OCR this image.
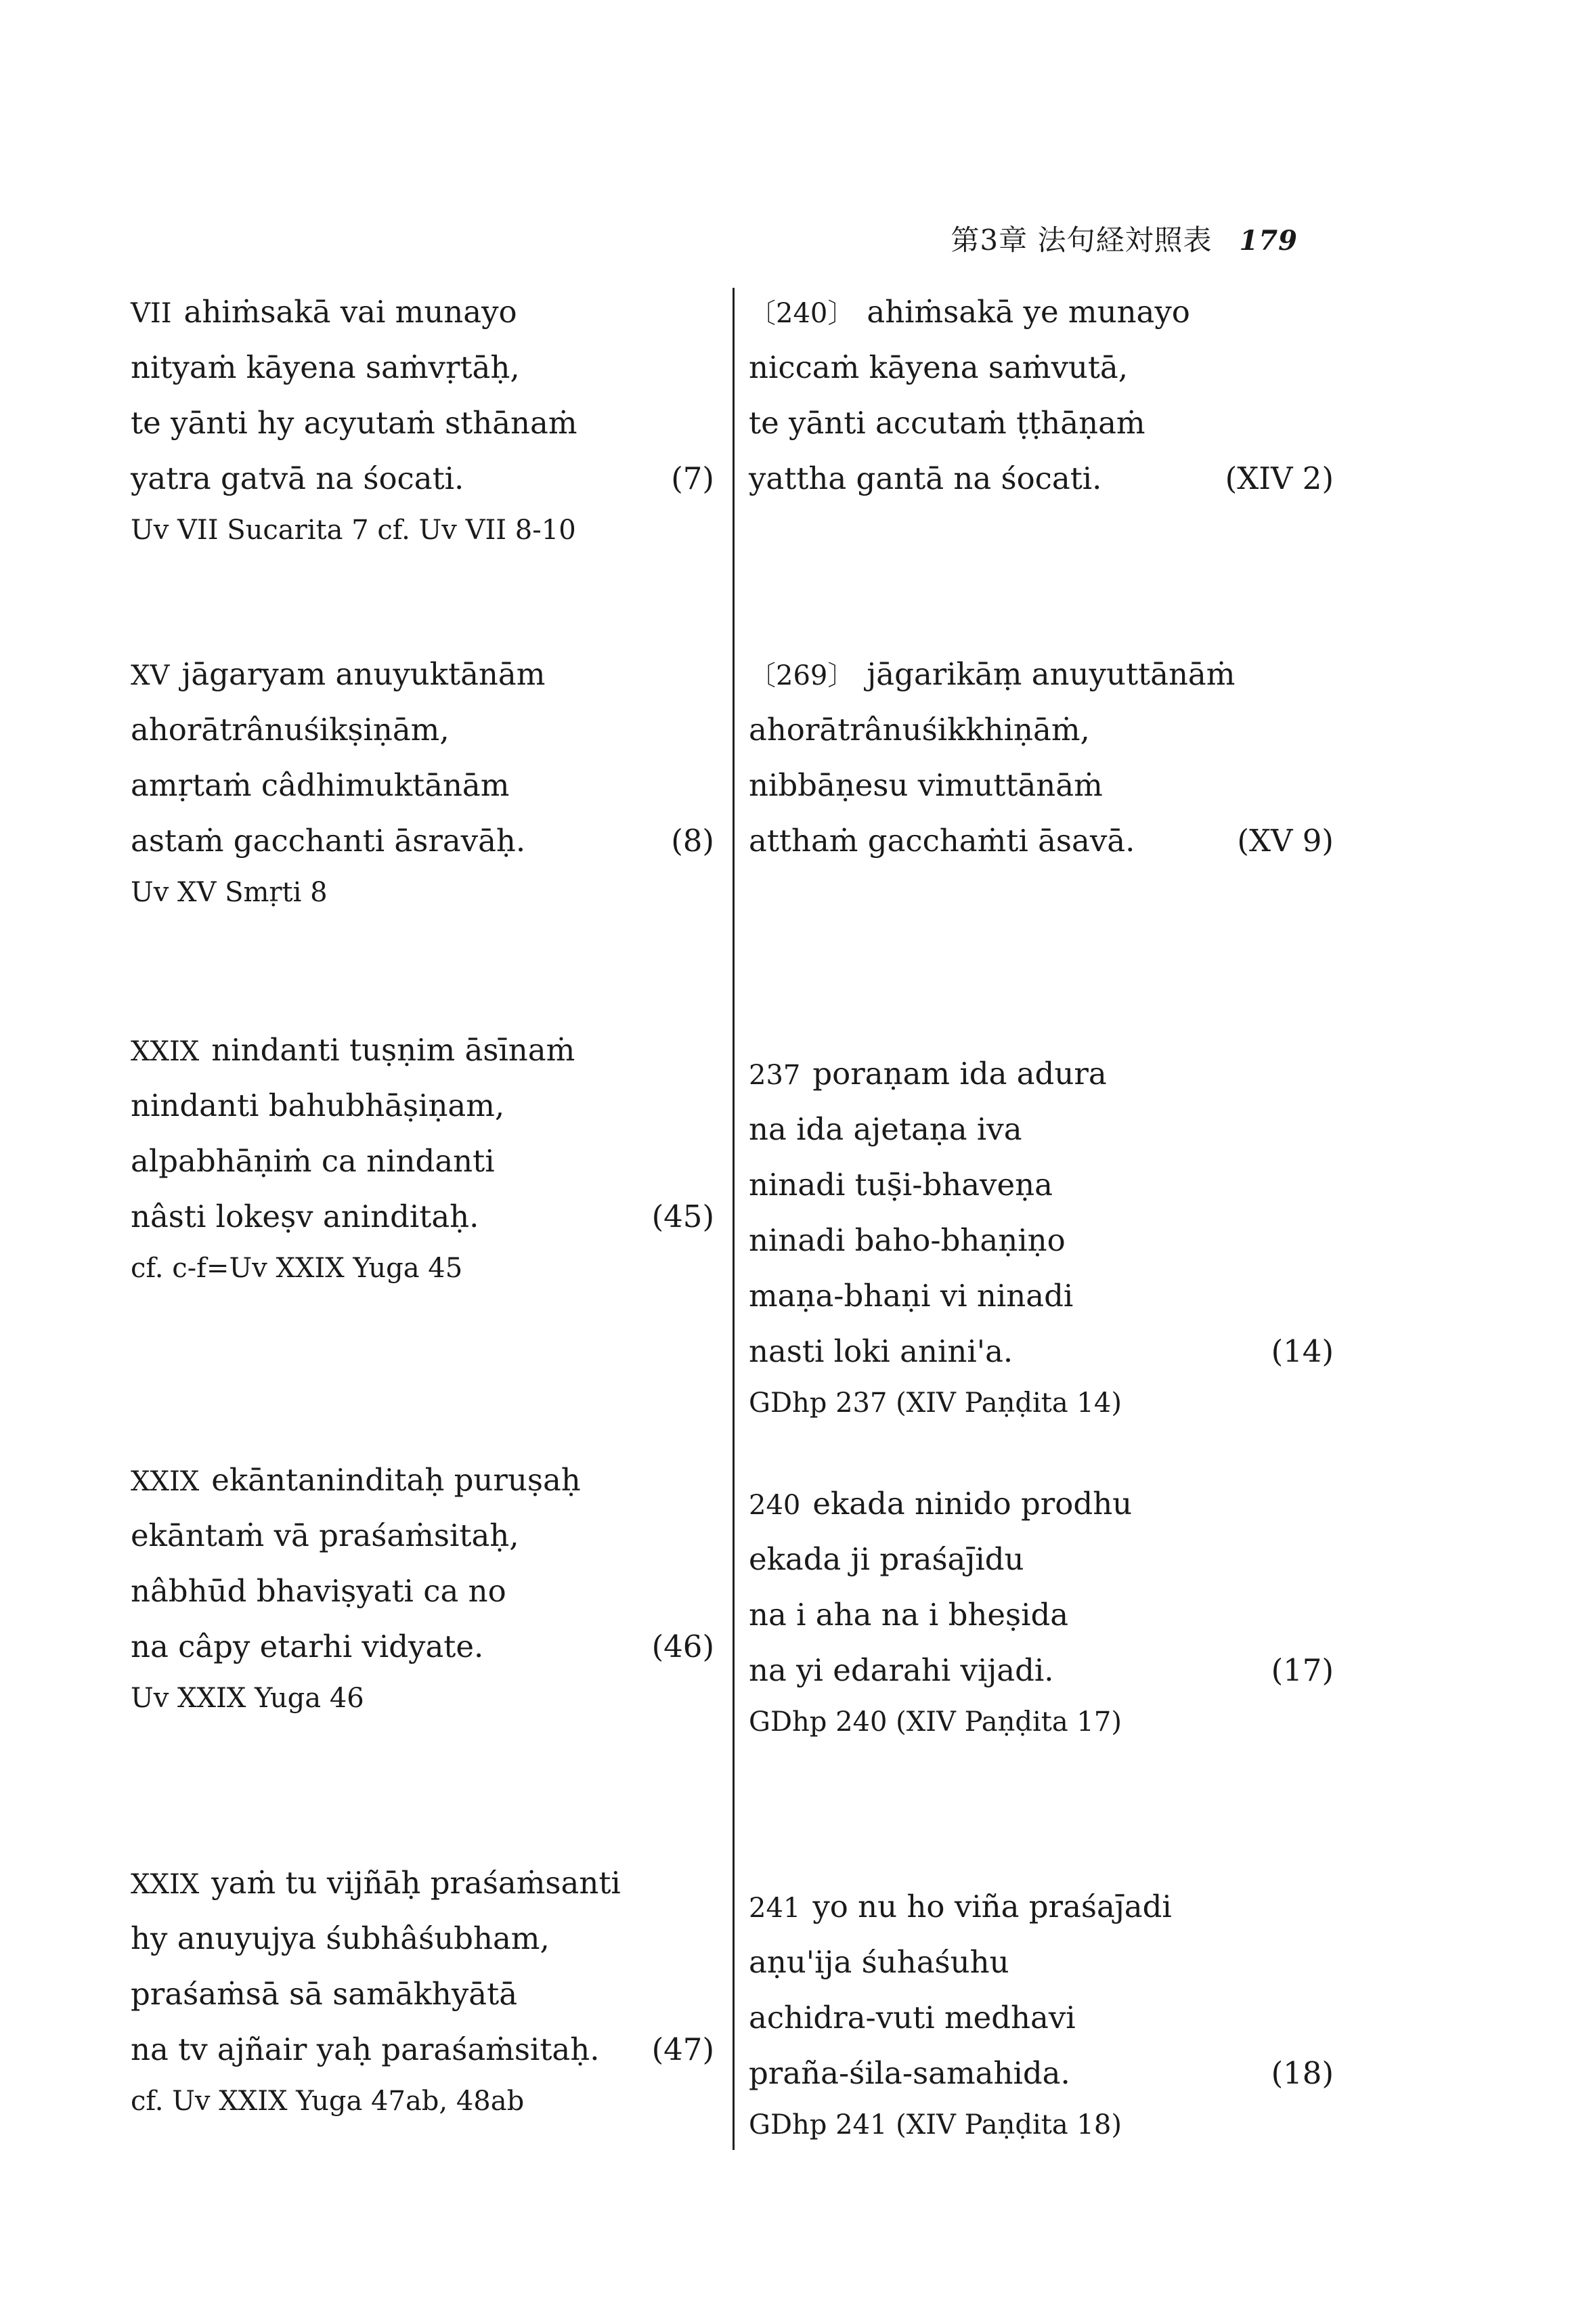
第3章 法句経対照表 179
VII ahiṁsakā vai munayo
nityaṁ kāyena saṁvṛtāḥ,
te yānti hy acyutaṁ sthānaṁ
yatra gatvā na śocati.	(7)
Uv VII Sucarita 7 cf. Uv VII 8-10
XV jāgaryam anuyuktānām
ahorātrânuśikṣiṇām,
amṛtaṁ câdhimuktānām
astaṁ gacchanti āsravāḥ.	(8)
Uv XV Smṛti 8
XXIX nindanti tuṣṇim āsīnaṁ
nindanti bahubhāṣiṇam,
alpabhāṇiṁ ca nindanti
nâsti lokeṣv aninditaḥ.	(45)
cf. c-f=Uv XXIX Yuga 45
XXIX ekāntaninditaḥ puruṣaḥ
ekāntaṁ vā praśaṁsitaḥ,
nâbhūd bhaviṣyati ca no
na câpy etarhi vidyate.	(46)
Uv XXIX Yuga 46
XXIX yaṁ tu vijñāḥ praśaṁsanti
hy anuyujya śubhâśubham,
praśaṁsā sā samākhyātā
na tv ajñair yaḥ paraśaṁsitaḥ. (47)
cf. Uv XXIX Yuga 47ab, 48ab
〔240〕 ahiṁsakā ye munayo
niccaṁ kāyena saṁvutā,
te yānti accutaṁ ṭṭhāṇaṁ
yattha gantā na śocati.	(XIV 2)
〔269〕 jāgarikāṃ anuyuttānāṁ
ahorātrânuśikkhiṇāṁ,
nibbāṇesu vimuttānāṁ
atthaṁ gacchaṁti āsavā.	(XV 9)
237 poraṇam ida adura
na ida ajetaṇa iva
ninadi tuṣ̄i-bhaveṇa
ninadi baho-bhaṇiṇo
maṇa-bhaṇi vi ninadi
nasti loki anini'a.	(14)
GDhp 237 (XIV Paṇḍita 14)
240 ekada ninido prodhu
ekada ji praśaj̄idu
na i aha na i bheṣida
na yi edarahi vijadi.	(17)
GDhp 240 (XIV Paṇḍita 17)
241 yo nu ho viña praśaj̄adi
aṇu'ija śuhaśuhu
achidra-vuti medhavi
praña-śila-samahida.	(18)
GDhp 241 (XIV Paṇḍita 18)
